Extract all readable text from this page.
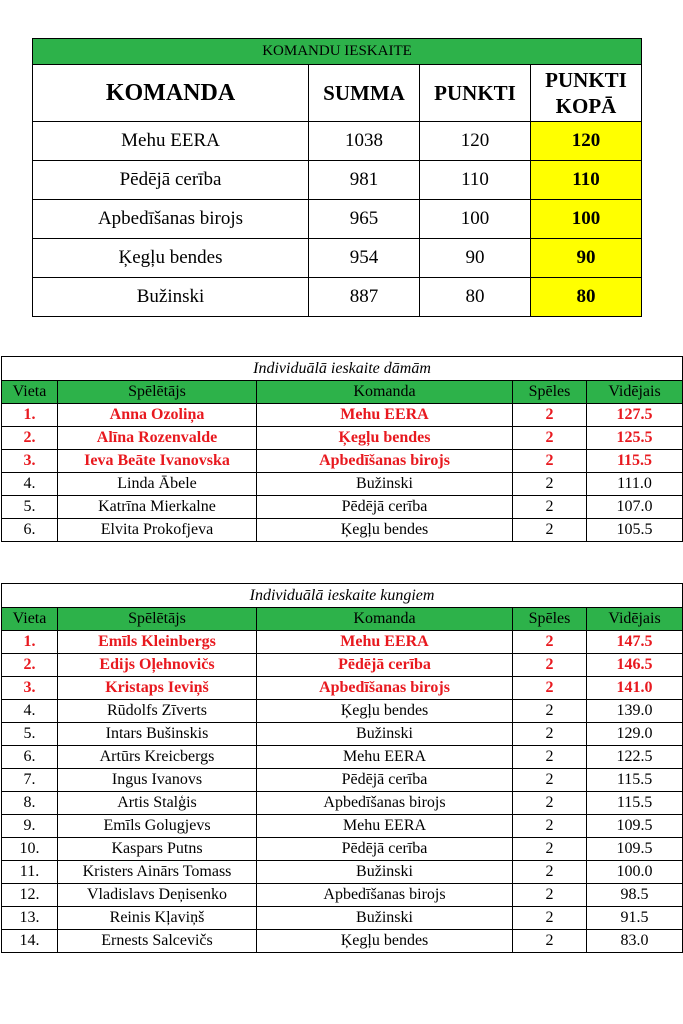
KOMANDU IESKAITE			
KOMANDA	SUMMA	PUNKTI	PUNKTI KOPĀ
Mehu EERA	1038	120	120
Pēdējā cerība	981	110	110
Apbedīšanas birojs	965	100	100
Ķegļu bendes	954	90	90
Bužinski	887	80	80
Individuālā ieskaite dāmām				
Vieta	Spēlētājs	Komanda	Spēles	Vidējais
1.	Anna Ozoliņa	Mehu EERA	2	127.5
2.	Alīna Rozenvalde	Ķegļu bendes	2	125.5
3.	Ieva Beāte Ivanovska	Apbedīšanas birojs	2	115.5
4.	Linda Ābele	Bužinski	2	111.0
5.	Katrīna Mierkalne	Pēdējā cerība	2	107.0
6.	Elvita Prokofjeva	Ķegļu bendes	2	105.5
Individuālā ieskaite kungiem				
Vieta	Spēlētājs	Komanda	Spēles	Vidējais
1.	Emīls Kleinbergs	Mehu EERA	2	147.5
2.	Edijs Oļehnovičs	Pēdējā cerība	2	146.5
3.	Kristaps Ieviņš	Apbedīšanas birojs	2	141.0
4.	Rūdolfs Zīverts	Ķegļu bendes	2	139.0
5.	Intars Bušinskis	Bužinski	2	129.0
6.	Artūrs Kreicbergs	Mehu EERA	2	122.5
7.	Ingus Ivanovs	Pēdējā cerība	2	115.5
8.	Artis Stalģis	Apbedīšanas birojs	2	115.5
9.	Emīls Golugjevs	Mehu EERA	2	109.5
10.	Kaspars Putns	Pēdējā cerība	2	109.5
11.	Kristers Ainārs Tomass	Bužinski	2	100.0
12.	Vladislavs Deņisenko	Apbedīšanas birojs	2	98.5
13.	Reinis Kļaviņš	Bužinski	2	91.5
14.	Ernests Salcevičs	Ķegļu bendes	2	83.0
